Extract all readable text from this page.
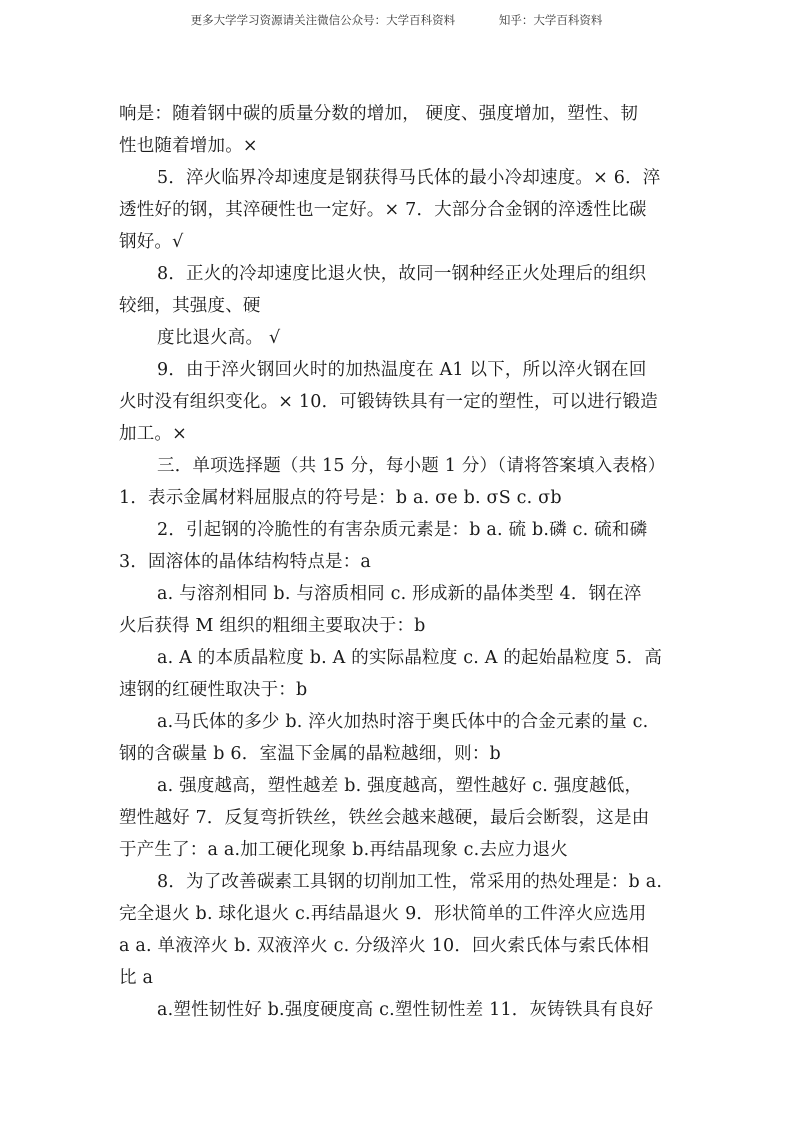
更多大学学习资源请关注微信公众号：大学百科资料	知乎：大学百科资料

响是：随着钢中碳的质量分数的增加， 硬度、强度增加，塑性、韧

性也随着增加。×

5．淬火临界冷却速度是钢获得马氏体的最小冷却速度。× 6．淬

透性好的钢，其淬硬性也一定好。× 7．大部分合金钢的淬透性比碳

钢好。√

8．正火的冷却速度比退火快，故同一钢种经正火处理后的组织

较细，其强度、硬

度比退火高。 √

9．由于淬火钢回火时的加热温度在 A1 以下，所以淬火钢在回

火时没有组织变化。× 10．可锻铸铁具有一定的塑性，可以进行锻造

加工。×

三．单项选择题（共 15 分，每小题 1 分）（请将答案填入表格）

1．表示金属材料屈服点的符号是：b a. σe b. σS c. σb

2．引起钢的冷脆性的有害杂质元素是：b a. 硫 b.磷 c. 硫和磷

3．固溶体的晶体结构特点是：a

a. 与溶剂相同 b. 与溶质相同 c. 形成新的晶体类型 4．钢在淬

火后获得 M 组织的粗细主要取决于：b

a. A 的本质晶粒度 b. A 的实际晶粒度 c. A 的起始晶粒度 5．高

速钢的红硬性取决于：b

a.马氏体的多少 b. 淬火加热时溶于奥氏体中的合金元素的量 c.

钢的含碳量 b 6．室温下金属的晶粒越细，则：b

a. 强度越高，塑性越差 b. 强度越高，塑性越好 c. 强度越低，

塑性越好 7．反复弯折铁丝，铁丝会越来越硬，最后会断裂，这是由

于产生了：a a.加工硬化现象 b.再结晶现象 c.去应力退火

8．为了改善碳素工具钢的切削加工性，常采用的热处理是：b a.

完全退火 b. 球化退火 c.再结晶退火 9．形状简单的工件淬火应选用

a a. 单液淬火 b. 双液淬火 c. 分级淬火 10．回火索氏体与索氏体相

比 a

a.塑性韧性好 b.强度硬度高 c.塑性韧性差 11．灰铸铁具有良好
